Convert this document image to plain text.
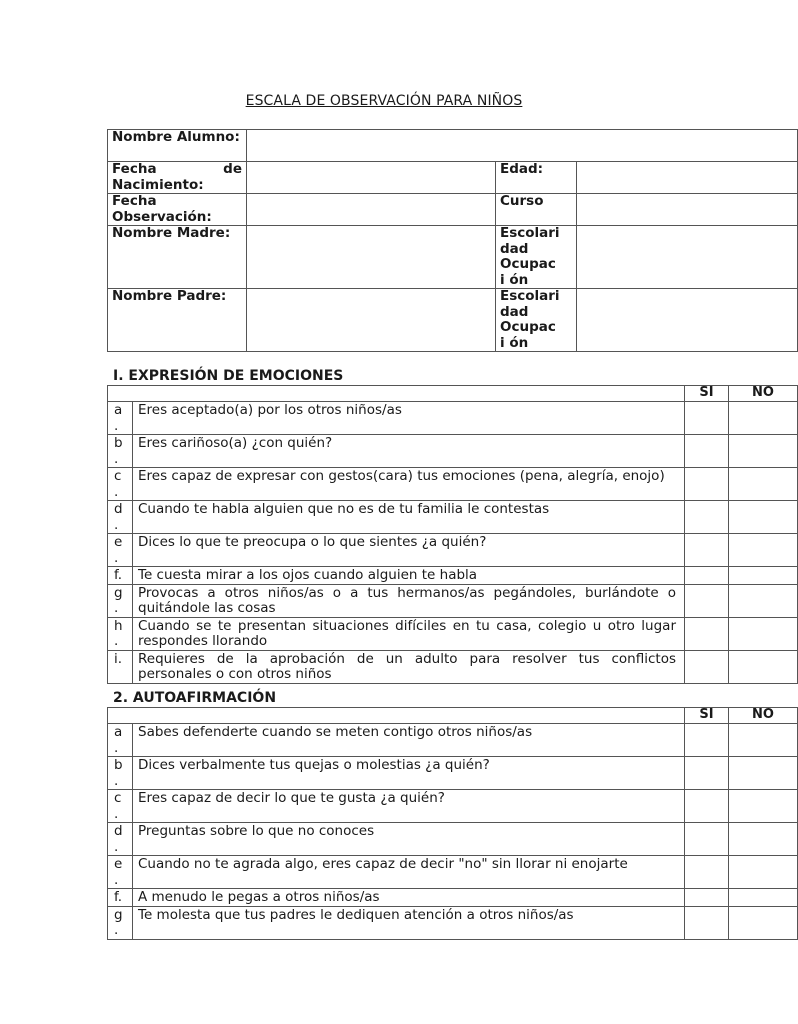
ESCALA DE OBSERVACIÓN PARA NIÑOS
Nombre Alumno:			

Fecha de
Nacimiento:		Edad:	
Fecha Observación:		Curso	
Nombre Madre:		Escolari dad
Ocupaci ón	

Nombre Padre:		Escolari dad
Ocupaci ón	

I. EXPRESIÓN DE EMOCIONES
		SI	NO
a
.	Eres aceptado(a) por los otros niños/as		
b
.	Eres cariñoso(a) ¿con quién?		
c
.	Eres capaz de expresar con gestos(cara) tus emociones (pena, alegría, enojo)		
d
.	Cuando te habla alguien que no es de tu familia le contestas		
e
.	Dices lo que te preocupa o lo que sientes ¿a quién?		
f.	Te cuesta mirar a los ojos cuando alguien te habla		
g
.	Provocas a otros niños/as o a tus hermanos/as pegándoles, burlándote o quitándole las cosas		
h
.	Cuando se te presentan situaciones difíciles en tu casa, colegio u otro lugar respondes llorando		
i.	Requieres de la aprobación de un adulto para resolver tus conflictos personales o con otros niños		
2. AUTOAFIRMACIÓN
		SI	NO
a
.	Sabes defenderte cuando se meten contigo otros niños/as		
b
.	Dices verbalmente tus quejas o molestias ¿a quién?		
c
.	Eres capaz de decir lo que te gusta ¿a quién?		
d
.	Preguntas sobre lo que no conoces		
e
.	Cuando no te agrada algo, eres capaz de decir "no" sin llorar ni enojarte		
f.	A menudo le pegas a otros niños/as		
g
.	Te molesta que tus padres le dediquen atención a otros niños/as		
